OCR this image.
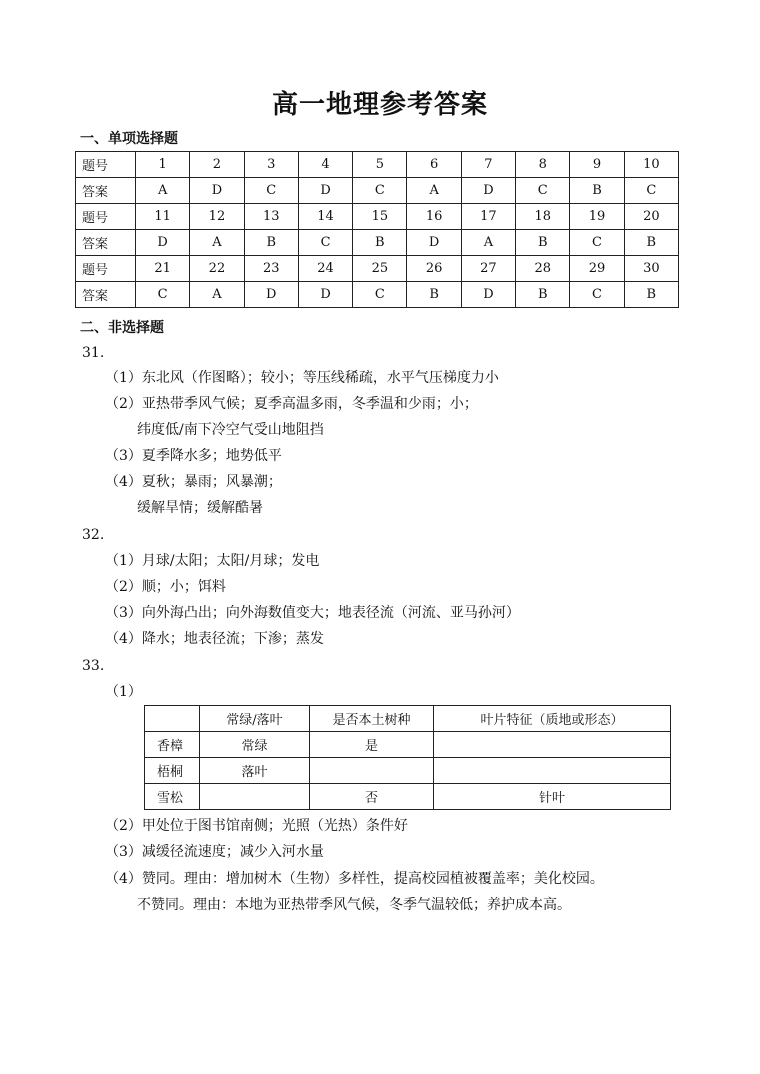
高一地理参考答案
一、单项选择题
题号	1	2	3	4	5	6	7	8	9	10
答案	A	D	C	D	C	A	D	C	B	C
题号	11	12	13	14	15	16	17	18	19	20
答案	D	A	B	C	B	D	A	B	C	B
题号	21	22	23	24	25	26	27	28	29	30
答案	C	A	D	D	C	B	D	B	C	B
二、非选择题
31.
（1）东北风（作图略）；较小；等压线稀疏，水平气压梯度力小
（2）亚热带季风气候；夏季高温多雨，冬季温和少雨；小；
纬度低/南下冷空气受山地阻挡
（3）夏季降水多；地势低平
（4）夏秋；暴雨；风暴潮；
缓解旱情；缓解酷暑
32.
（1）月球/太阳；太阳/月球；发电
（2）顺；小；饵料
（3）向外海凸出；向外海数值变大；地表径流（河流、亚马孙河）
（4）降水；地表径流；下渗；蒸发
33.
（1）
	常绿/落叶	是否本土树种	叶片特征（质地或形态）
香樟	常绿	是	
梧桐	落叶		
雪松		否	针叶
（2）甲处位于图书馆南侧；光照（光热）条件好
（3）减缓径流速度；减少入河水量
（4）赞同。理由：增加树木（生物）多样性，提高校园植被覆盖率；美化校园。
不赞同。理由：本地为亚热带季风气候，冬季气温较低；养护成本高。
